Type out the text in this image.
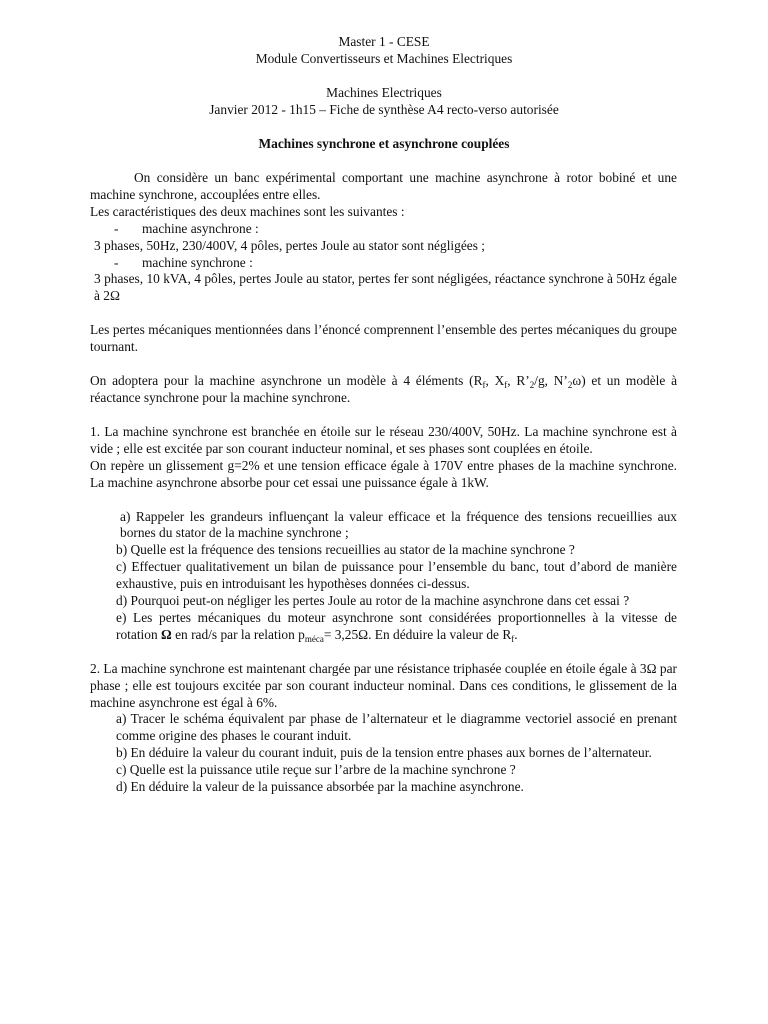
Master 1 - CESE
Module Convertisseurs et Machines Electriques
Machines Electriques
Janvier 2012 - 1h15 – Fiche de synthèse A4 recto-verso autorisée
Machines synchrone et asynchrone couplées

On considère un banc expérimental comportant une machine asynchrone à rotor bobiné et une machine synchrone, accouplées entre elles.

Les caractéristiques des deux machines sont les suivantes :

- machine asynchrone :

3 phases, 50Hz, 230/400V, 4 pôles, pertes Joule au stator sont négligées ;

- machine synchrone :

3 phases, 10 kVA, 4 pôles, pertes Joule au stator, pertes fer sont négligées, réactance synchrone à 50Hz égale à 2Ω

Les pertes mécaniques mentionnées dans l’énoncé comprennent l’ensemble des pertes mécaniques du groupe tournant.

On adoptera pour la machine asynchrone un modèle à 4 éléments ($R_f$, $X_f$, $R’_2/g$, $N’_2\omega$) et un modèle à réactance synchrone pour la machine synchrone.

1. La machine synchrone est branchée en étoile sur le réseau 230/400V, 50Hz. La machine synchrone est à vide ; elle est excitée par son courant inducteur nominal, et ses phases sont couplées en étoile.

On repère un glissement g=2% et une tension efficace égale à 170V entre phases de la machine synchrone. La machine asynchrone absorbe pour cet essai une puissance égale à 1kW.

a) Rappeler les grandeurs influençant la valeur efficace et la fréquence des tensions recueillies aux bornes du stator de la machine synchrone ;

b) Quelle est la fréquence des tensions recueillies au stator de la machine synchrone ?

c) Effectuer qualitativement un bilan de puissance pour l’ensemble du banc, tout d’abord de manière exhaustive, puis en introduisant les hypothèses données ci-dessus.

d) Pourquoi peut-on négliger les pertes Joule au rotor de la machine asynchrone dans cet essai ?

e) Les pertes mécaniques du moteur asynchrone sont considérées proportionnelles à la vitesse de rotation Ω en rad/s par la relation $p_{méca}= 3,25\Omega$. En déduire la valeur de $R_f$.

2. La machine synchrone est maintenant chargée par une résistance triphasée couplée en étoile égale à 3Ω par phase ; elle est toujours excitée par son courant inducteur nominal. Dans ces conditions, le glissement de la machine asynchrone est égal à 6%.

a) Tracer le schéma équivalent par phase de l’alternateur et le diagramme vectoriel associé en prenant comme origine des phases le courant induit.

b) En déduire la valeur du courant induit, puis de la tension entre phases aux bornes de l’alternateur.

c) Quelle est la puissance utile reçue sur l’arbre de la machine synchrone ?

d) En déduire la valeur de la puissance absorbée par la machine asynchrone.
